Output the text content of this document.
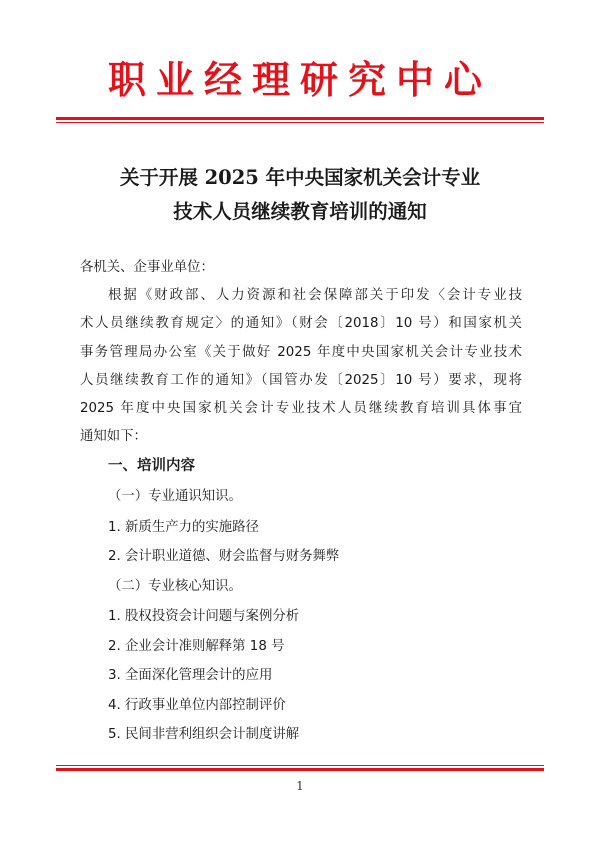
职业经理研究中心
关于开展 2025 年中央国家机关会计专业
技术人员继续教育培训的通知
各机关、企事业单位：
根据《财政部、人力资源和社会保障部关于印发〈会计专业技
术人员继续教育规定〉的通知》（财会〔2018〕10 号）和国家机关
事务管理局办公室《关于做好 2025 年度中央国家机关会计专业技术
人员继续教育工作的通知》（国管办发〔2025〕10 号）要求，现将
2025 年度中央国家机关会计专业技术人员继续教育培训具体事宜
通知如下：
一、培训内容
（一）专业通识知识。
1. 新质生产力的实施路径
2. 会计职业道德、财会监督与财务舞弊
（二）专业核心知识。
1. 股权投资会计问题与案例分析
2. 企业会计准则解释第 18 号
3. 全面深化管理会计的应用
4. 行政事业单位内部控制评价
5. 民间非营利组织会计制度讲解
1
